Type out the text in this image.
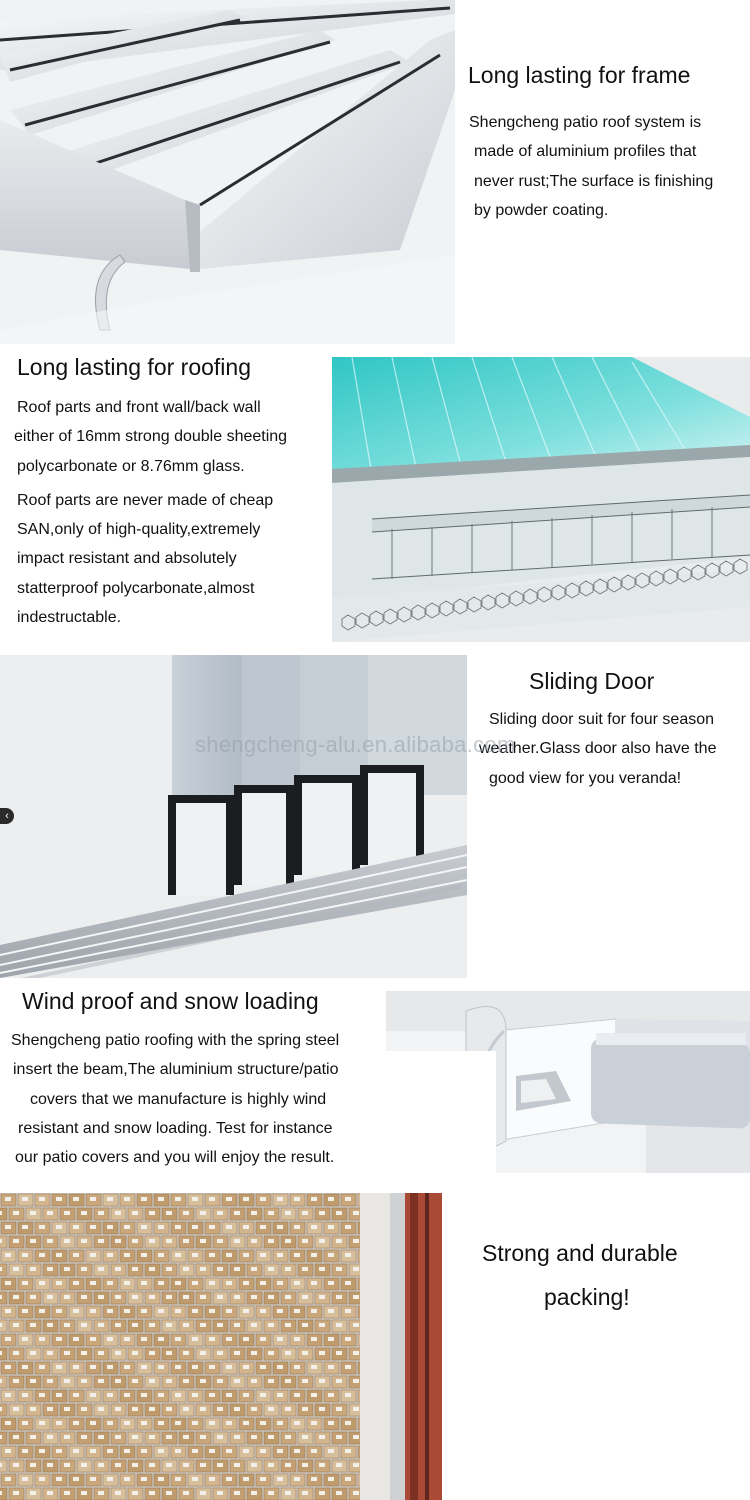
Long lasting for frame
Shengcheng patio roof system is
made of aluminium profiles that
never rust;The surface is finishing
by powder coating.
Long lasting for roofing
Roof parts and front wall/back wall
either of 16mm strong double sheeting
polycarbonate or 8.76mm glass.
Roof parts are never made of cheap
SAN,only of high-quality,extremely
impact resistant and absolutely
statterproof polycarbonate,almost
indestructable.
‹
Sliding Door
Sliding door suit for four season
weather.Glass door also have the
good view for you veranda!
shengcheng-alu.en.alibaba.com
Wind proof and snow loading
Shengcheng patio roofing with the spring steel
insert the beam,The aluminium structure/patio
covers that we manufacture is highly wind
resistant and snow loading. Test for instance
our patio covers and you will enjoy the result.
Strong and durable
packing!
